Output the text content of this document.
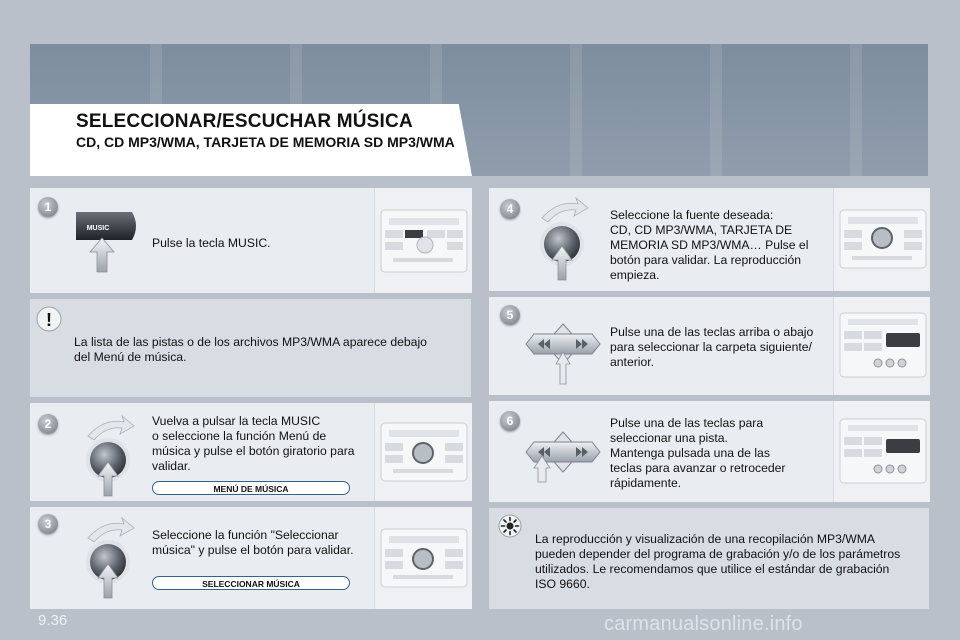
SELECCIONAR/ESCUCHAR MÚSICA
CD, CD MP3/WMA, TARJETA DE MEMORIA SD MP3/WMA
1
MUSIC
Pulse la tecla MUSIC.
!
La lista de las pistas o de los archivos MP3/WMA aparece debajo
del Menú de música.
2	Vuelva a pulsar la tecla MUSIC
o seleccione la función Menú de
música y pulse el botón giratorio para
validar.
MENÚ DE MÚSICA
3
Seleccione la función "Seleccionar
música" y pulse el botón para validar.
SELECCIONAR MÚSICA
4	Seleccione la fuente deseada:
CD, CD MP3/WMA, TARJETA DE
MEMORIA SD MP3/WMA… Pulse el
botón para validar. La reproducción
empieza.
5
Pulse una de las teclas arriba o abajo
para seleccionar la carpeta siguiente/
anterior.
6	Pulse una de las teclas para
seleccionar una pista.
Mantenga pulsada una de las
teclas para avanzar o retroceder
rápidamente.
La reproducción y visualización de una recopilación MP3/WMA
pueden depender del programa de grabación y/o de los parámetros
utilizados. Le recomendamos que utilice el estándar de grabación
ISO 9660.
9.36	carmanualsonline.info
